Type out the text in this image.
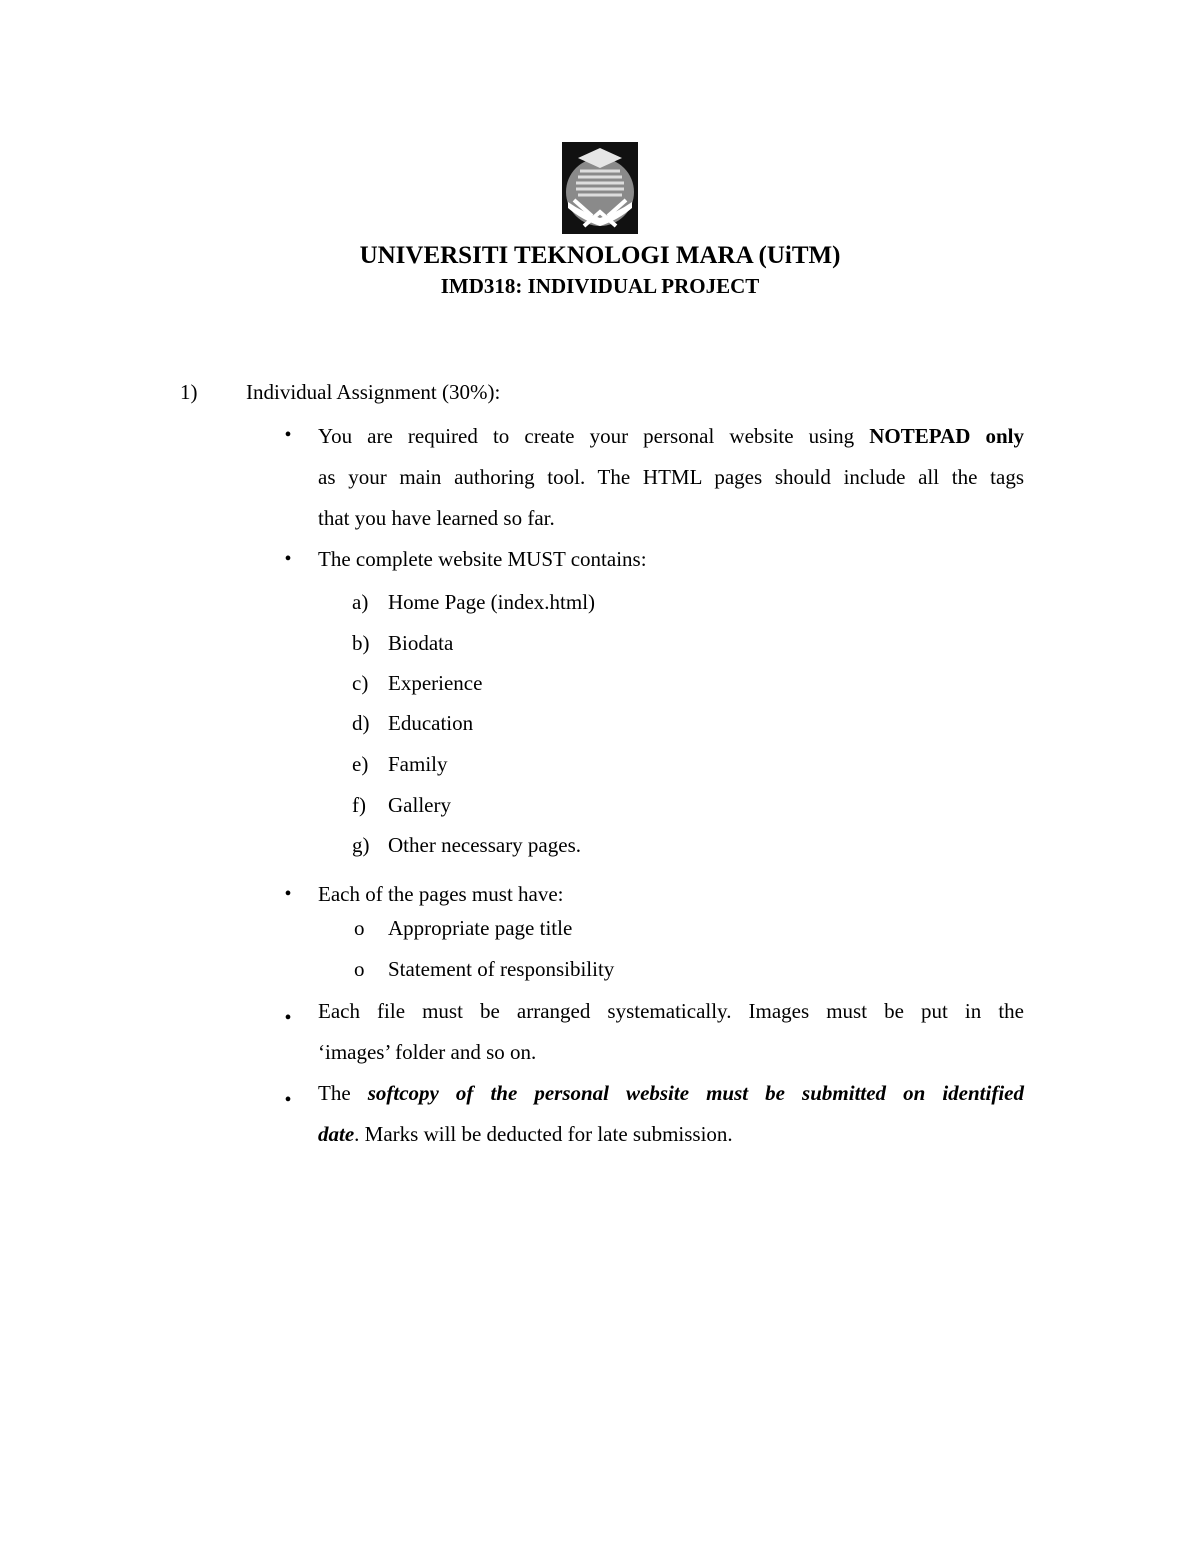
UNIVERSITI TEKNOLOGI MARA (UiTM)
IMD318: INDIVIDUAL PROJECT
1) Individual Assignment (30%):
• You are required to create your personal website using NOTEPAD only
as your main authoring tool. The HTML pages should include all the tags
that you have learned so far.
• The complete website MUST contains:
a) Home Page (index.html)
b) Biodata
c) Experience
d) Education
e) Family
f) Gallery
g) Other necessary pages.
• Each of the pages must have:
o Appropriate page title
o Statement of responsibility
• Each file must be arranged systematically. Images must be put in the
‘images’ folder and so on.
• The softcopy of the personal website must be submitted on identified
date. Marks will be deducted for late submission.
